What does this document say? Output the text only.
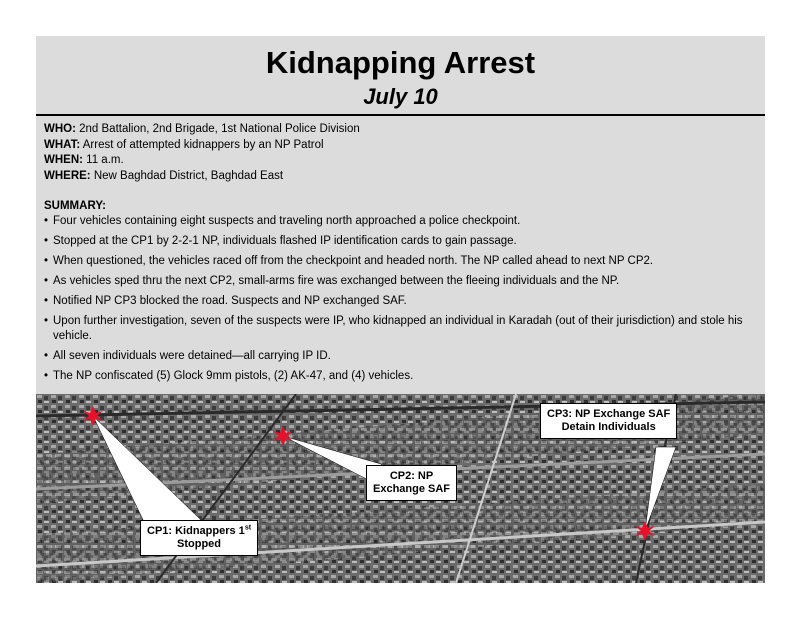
Kidnapping Arrest
July 10
WHO: 2nd Battalion, 2nd Brigade, 1st National Police Division
WHAT: Arrest of attempted kidnappers by an NP Patrol
WHEN: 11 a.m.
WHERE: New Baghdad District, Baghdad East
SUMMARY:
• Four vehicles containing eight suspects and traveling north approached a police checkpoint.
• Stopped at the CP1 by 2-2-1 NP, individuals flashed IP identification cards to gain passage.
• When questioned, the vehicles raced off from the checkpoint and headed north. The NP called ahead to next NP CP2.
• As vehicles sped thru the next CP2, small-arms fire was exchanged between the fleeing individuals and the NP.
• Notified NP CP3 blocked the road. Suspects and NP exchanged SAF.
• Upon further investigation, seven of the suspects were IP, who kidnapped an individual in Karadah (out of their jurisdiction) and stole his vehicle.
• All seven individuals were detained—all carrying IP ID.
• The NP confiscated (5) Glock 9mm pistols, (2) AK-47, and (4) vehicles.
CP1: Kidnappers 1st
Stopped
CP2: NP
Exchange SAF
CP3: NP Exchange SAF
Detain Individuals
